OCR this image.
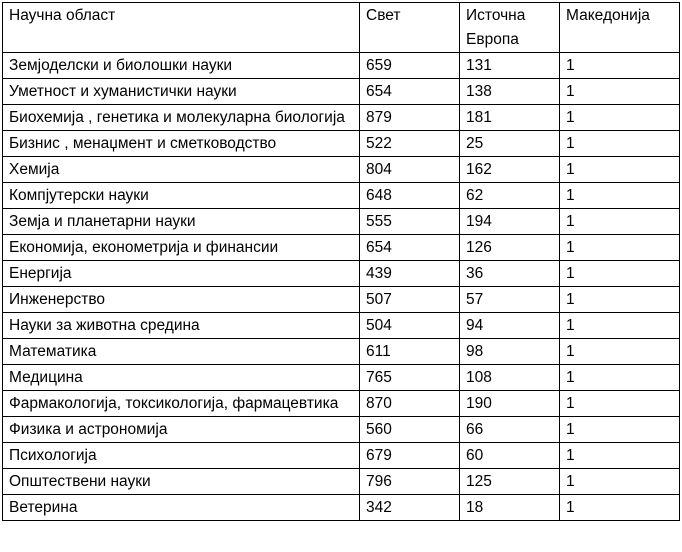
Научна област	Свет	Источна Европа	Македонија
Земјоделски и биолошки науки	659	131	1
Уметност и хуманистички науки	654	138	1
Биохемија , генетика и молекуларна биологија	879	181	1
Бизнис , менаџмент и сметководство	522	25	1
Хемија	804	162	1
Компјутерски науки	648	62	1
Земја и планетарни науки	555	194	1
Економија, економетрија и финансии	654	126	1
Енергија	439	36	1
Инженерство	507	57	1
Науки за животна средина	504	94	1
Математика	611	98	1
Медицина	765	108	1
Фармакологија, токсикологија, фармацевтика	870	190	1
Физика и астрономија	560	66	1
Психологија	679	60	1
Општествени науки	796	125	1
Ветерина	342	18	1
